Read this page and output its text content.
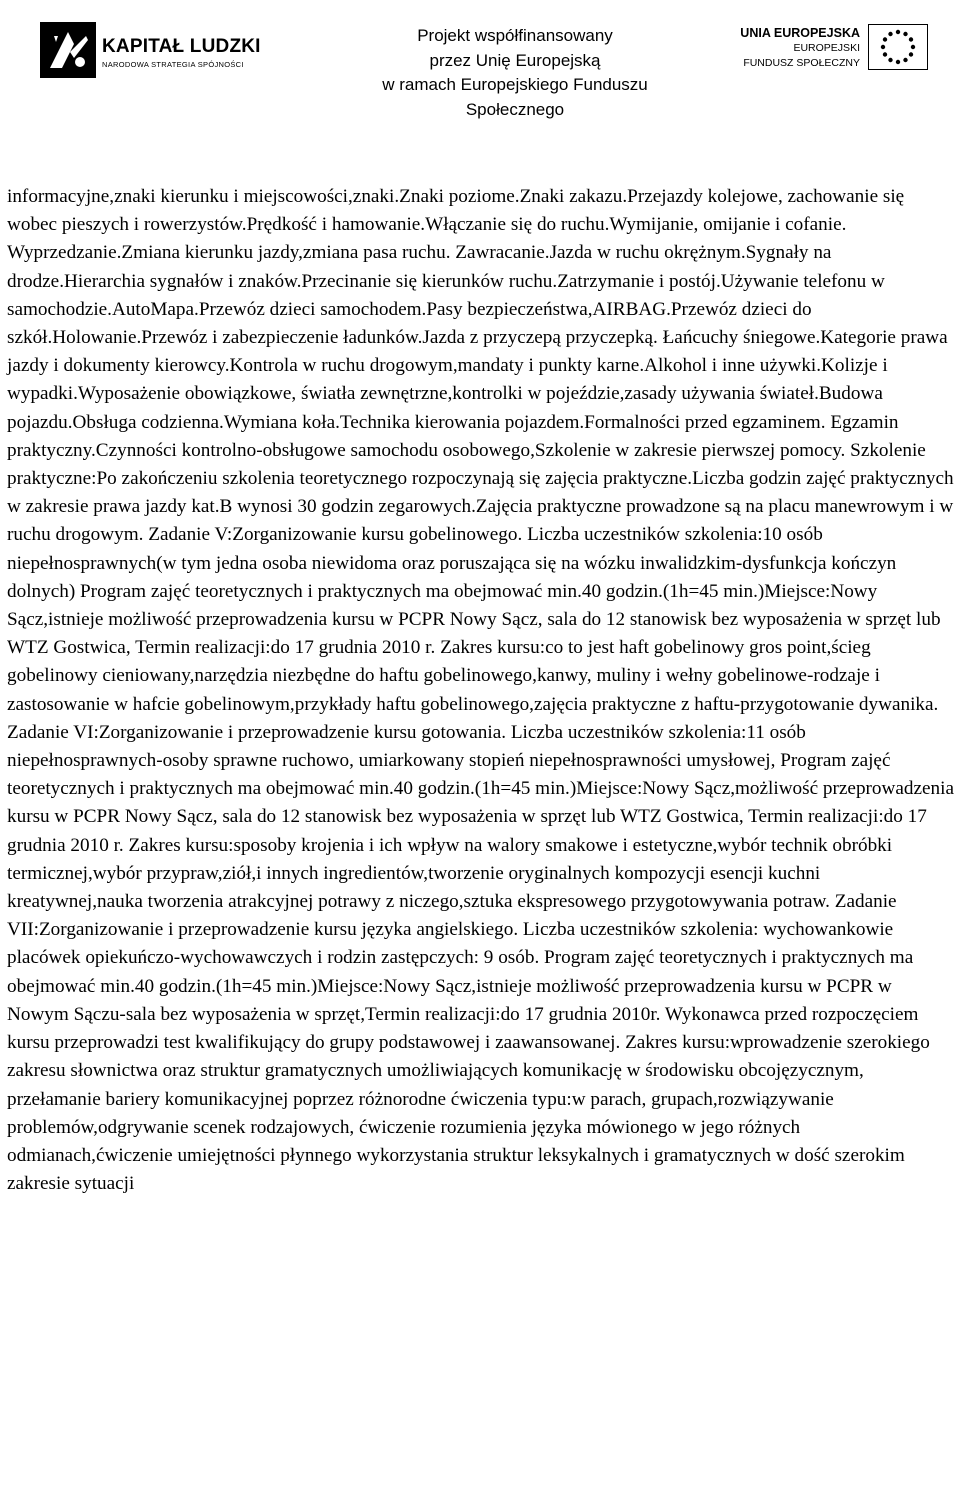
KAPITAŁ LUDZKI
NARODOWA STRATEGIA SPÓJNOŚCI
Projekt współfinansowany
przez Unię Europejską
w ramach Europejskiego Funduszu Społecznego
UNIA EUROPEJSKA
EUROPEJSKI
FUNDUSZ SPOŁECZNY

informacyjne,znaki kierunku i miejscowości,znaki.Znaki poziome.Znaki zakazu.Przejazdy kolejowe, zachowanie się wobec pieszych i rowerzystów.Prędkość i hamowanie.Włączanie się do ruchu.Wymijanie, omijanie i cofanie. Wyprzedzanie.Zmiana kierunku jazdy,zmiana pasa ruchu. Zawracanie.Jazda w ruchu okrężnym.Sygnały na drodze.Hierarchia sygnałów i znaków.Przecinanie się kierunków ruchu.Zatrzymanie i postój.Używanie telefonu w samochodzie.AutoMapa.Przewóz dzieci samochodem.Pasy bezpieczeństwa,AIRBAG.Przewóz dzieci do szkół.Holowanie.Przewóz i zabezpieczenie ładunków.Jazda z przyczepą przyczepką. Łańcuchy śniegowe.Kategorie prawa jazdy i dokumenty kierowcy.Kontrola w ruchu drogowym,mandaty i punkty karne.Alkohol i inne używki.Kolizje i wypadki.Wyposażenie obowiązkowe, światła zewnętrzne,kontrolki w pojeździe,zasady używania świateł.Budowa pojazdu.Obsługa codzienna.Wymiana koła.Technika kierowania pojazdem.Formalności przed egzaminem. Egzamin praktyczny.Czynności kontrolno-obsługowe samochodu osobowego,Szkolenie w zakresie pierwszej pomocy. Szkolenie praktyczne:Po zakończeniu szkolenia teoretycznego rozpoczynają się zajęcia praktyczne.Liczba godzin zajęć praktycznych w zakresie prawa jazdy kat.B wynosi 30 godzin zegarowych.Zajęcia praktyczne prowadzone są na placu manewrowym i w ruchu drogowym. Zadanie V:Zorganizowanie kursu gobelinowego. Liczba uczestników szkolenia:10 osób niepełnosprawnych(w tym jedna osoba niewidoma oraz poruszająca się na wózku inwalidzkim-dysfunkcja kończyn dolnych) Program zajęć teoretycznych i praktycznych ma obejmować min.40 godzin.(1h=45 min.)Miejsce:Nowy Sącz,istnieje możliwość przeprowadzenia kursu w PCPR Nowy Sącz, sala do 12 stanowisk bez wyposażenia w sprzęt lub WTZ Gostwica, Termin realizacji:do 17 grudnia 2010 r. Zakres kursu:co to jest haft gobelinowy gros point,ścieg gobelinowy cieniowany,narzędzia niezbędne do haftu gobelinowego,kanwy, muliny i wełny gobelinowe-rodzaje i zastosowanie w hafcie gobelinowym,przykłady haftu gobelinowego,zajęcia praktyczne z haftu-przygotowanie dywanika. Zadanie VI:Zorganizowanie i przeprowadzenie kursu gotowania. Liczba uczestników szkolenia:11 osób niepełnosprawnych-osoby sprawne ruchowo, umiarkowany stopień niepełnosprawności umysłowej, Program zajęć teoretycznych i praktycznych ma obejmować min.40 godzin.(1h=45 min.)Miejsce:Nowy Sącz,możliwość przeprowadzenia kursu w PCPR Nowy Sącz, sala do 12 stanowisk bez wyposażenia w sprzęt lub WTZ Gostwica, Termin realizacji:do 17 grudnia 2010 r. Zakres kursu:sposoby krojenia i ich wpływ na walory smakowe i estetyczne,wybór technik obróbki termicznej,wybór przypraw,ziół,i innych ingredientów,tworzenie oryginalnych kompozycji esencji kuchni kreatywnej,nauka tworzenia atrakcyjnej potrawy z niczego,sztuka ekspresowego przygotowywania potraw. Zadanie VII:Zorganizowanie i przeprowadzenie kursu języka angielskiego. Liczba uczestników szkolenia: wychowankowie placówek opiekuńczo-wychowawczych i rodzin zastępczych: 9 osób. Program zajęć teoretycznych i praktycznych ma obejmować min.40 godzin.(1h=45 min.)Miejsce:Nowy Sącz,istnieje możliwość przeprowadzenia kursu w PCPR w Nowym Sączu-sala bez wyposażenia w sprzęt,Termin realizacji:do 17 grudnia 2010r. Wykonawca przed rozpoczęciem kursu przeprowadzi test kwalifikujący do grupy podstawowej i zaawansowanej. Zakres kursu:wprowadzenie szerokiego zakresu słownictwa oraz struktur gramatycznych umożliwiających komunikację w środowisku obcojęzycznym, przełamanie bariery komunikacyjnej poprzez różnorodne ćwiczenia typu:w parach, grupach,rozwiązywanie problemów,odgrywanie scenek rodzajowych, ćwiczenie rozumienia języka mówionego w jego różnych odmianach,ćwiczenie umiejętności płynnego wykorzystania struktur leksykalnych i gramatycznych w dość szerokim zakresie sytuacji
